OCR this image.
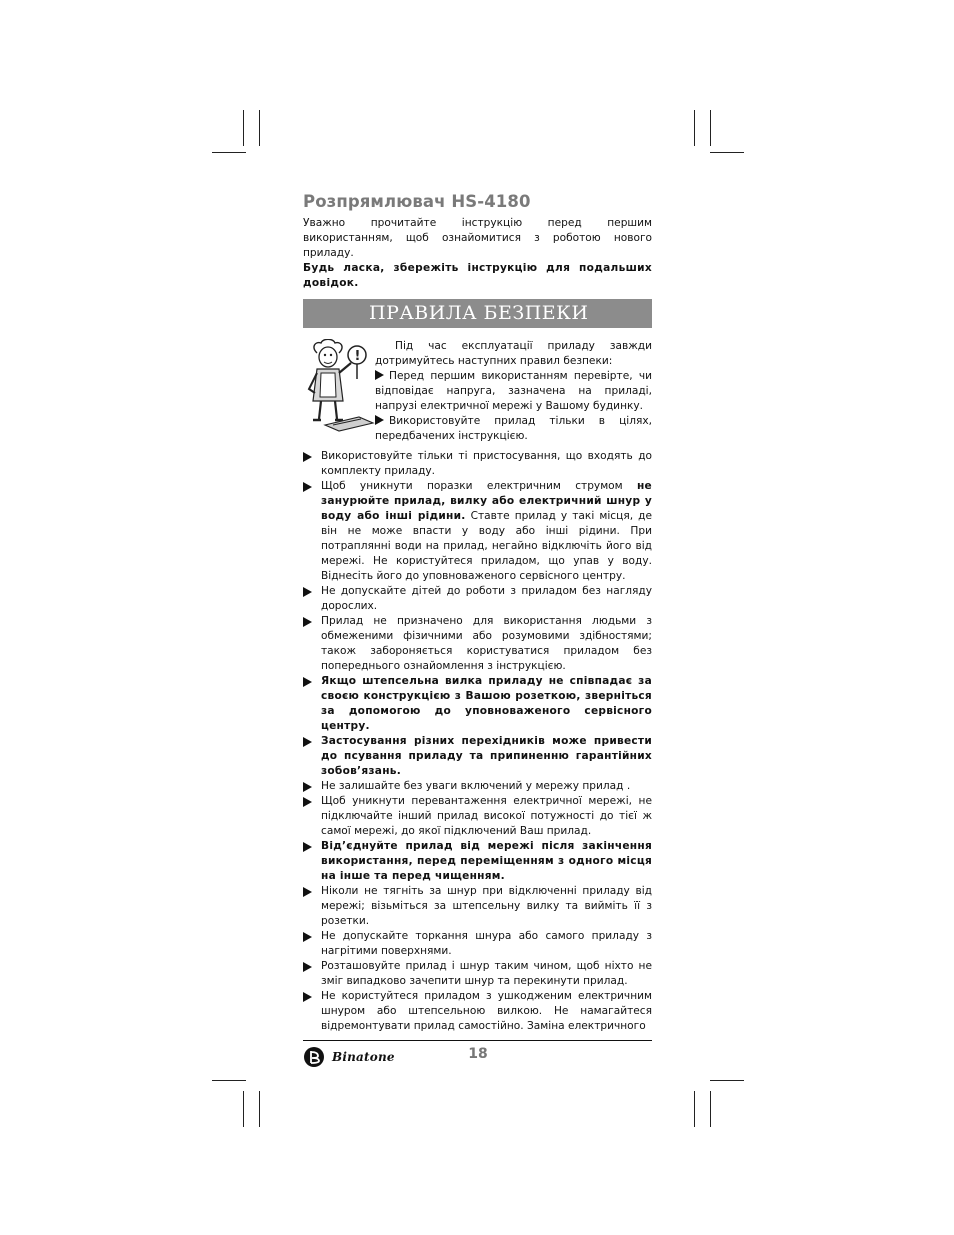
Розпрямлювач HS-4180

Уважно прочитайте інструкцію перед першим використанням, щоб ознайомитися з роботою нового приладу.

Будь ласка, збережіть інструкцію для подальших довідок.

ПРАВИЛА БЕЗПЕКИ
!

Під час експлуатації приладу завжди дотримуйтесь наступних правил безпеки:

Перед першим використанням перевірте, чи відповідає напруга, зазначена на приладі, напрузі електричної мережі у Вашому будинку.

Використовуйте прилад тільки в цілях, передбачених інструкцією.

Використовуйте тільки ті пристосування, що входять до комплекту приладу.
Щоб уникнути поразки електричним струмом не занурюйте прилад, вилку або електричний шнур у воду або інші рідини. Ставте прилад у такі місця, де він не може впасти у воду або інші рідини. При потраплянні води на прилад, негайно відключіть його від мережі. Не користуйтеся приладом, що упав у воду. Віднесіть його до уповноваженого сервісного центру.
Не допускайте дітей до роботи з приладом без нагляду дорослих.
Прилад не призначено для використання людьми з обмеженими фізичними або розумовими здібностями; також забороняється користуватися приладом без попереднього ознайомлення з інструкцією.
Якщо штепсельна вилка приладу не співпадає за своєю конструкцією з Вашою розеткою, зверніться за допомогою до уповноваженого сервісного центру.
Застосування різних перехідників може привести до псування приладу та припиненню гарантійних зобов’язань.
Не залишайте без уваги включений у мережу прилад .
Щоб уникнути перевантаження електричної мережі, не підключайте інший прилад високої потужності до тієї ж самої мережі, до якої підключений Ваш прилад.
Від’єднуйте прилад від мережі після закінчення використання, перед переміщенням з одного місця на інше та перед чищенням.
Ніколи не тягніть за шнур при відключенні приладу від мережі; візьміться за штепсельну вилку та вийміть її з розетки.
Не допускайте торкання шнура або самого приладу з нагрітими поверхнями.
Розташовуйте прилад і шнур таким чином, щоб ніхто не зміг випадково зачепити шнур та перекинути прилад.
Не користуйтеся приладом з ушкодженим електричним шнуром або штепсельною вилкою. Не намагайтеся відремонтувати прилад самостійно. Заміна електричного
Binatone	18
